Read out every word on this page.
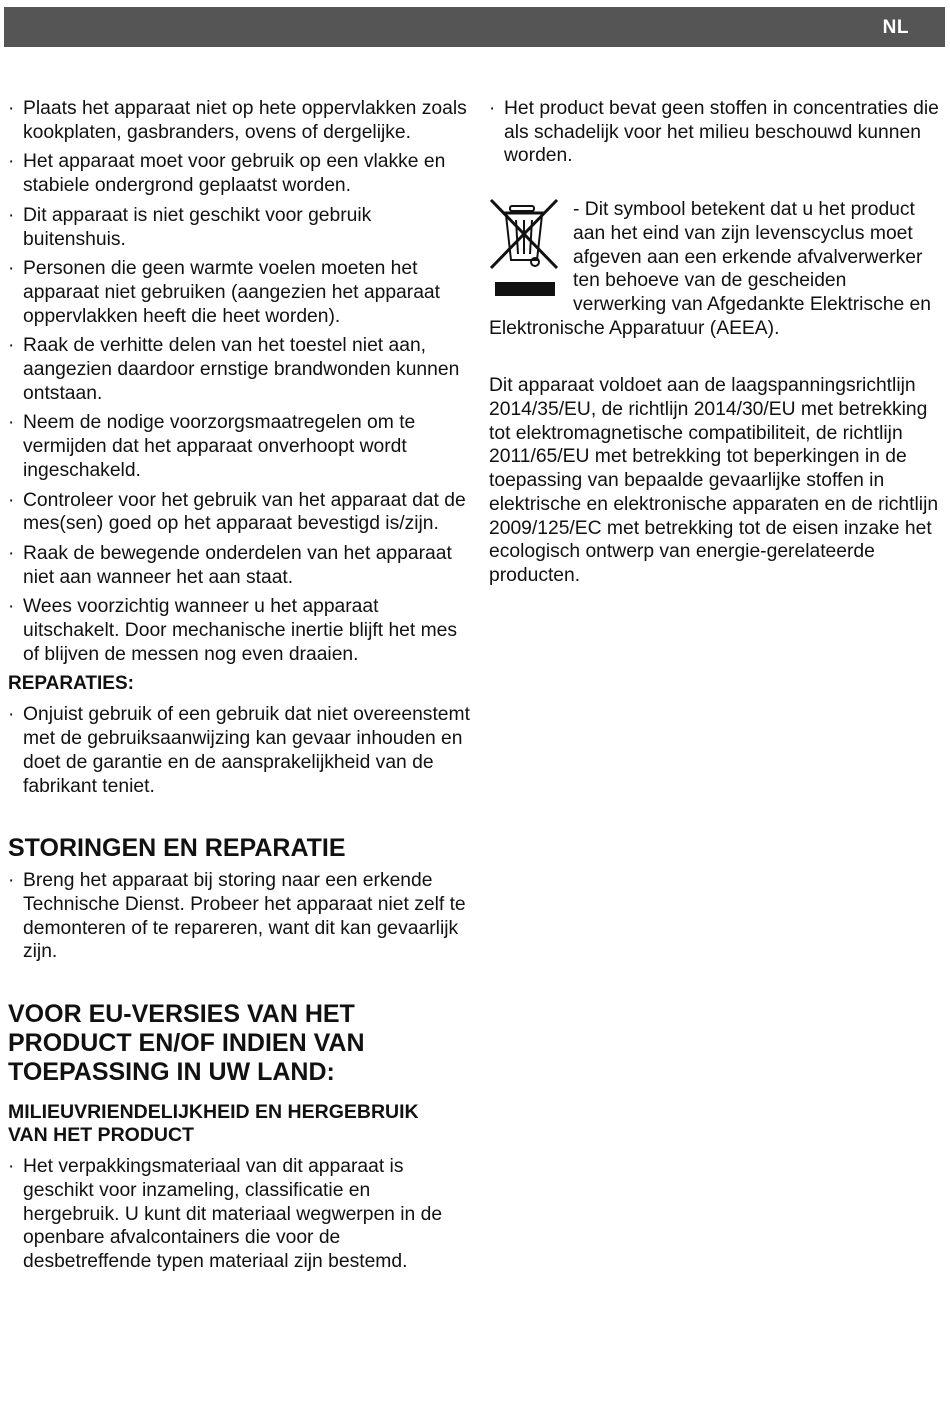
NL
· Plaats het apparaat niet op hete oppervlakken zoals kookplaten, gasbranders, ovens of dergelijke.
· Het apparaat moet voor gebruik op een vlakke en stabiele ondergrond geplaatst worden.
· Dit apparaat is niet geschikt voor gebruik buitenshuis.
· Personen die geen warmte voelen moeten het apparaat niet gebruiken (aangezien het apparaat oppervlakken heeft die heet worden).
· Raak de verhitte delen van het toestel niet aan, aangezien daardoor ernstige brandwonden kunnen ontstaan.
· Neem de nodige voorzorgsmaatregelen om te vermijden dat het apparaat onverhoopt wordt ingeschakeld.
· Controleer voor het gebruik van het apparaat dat de mes(sen) goed op het apparaat bevestigd is/zijn.
· Raak de bewegende onderdelen van het apparaat niet aan wanneer het aan staat.
· Wees voorzichtig wanneer u het apparaat uitschakelt. Door mechanische inertie blijft het mes of blijven de messen nog even draaien.
REPARATIES:
· Onjuist gebruik of een gebruik dat niet overeenstemt met de gebruiksaanwijzing kan gevaar inhouden en doet de garantie en de aansprakelijkheid van de fabrikant teniet.
STORINGEN EN REPARATIE
· Breng het apparaat bij storing naar een erkende Technische Dienst. Probeer het apparaat niet zelf te demonteren of te repareren, want dit kan gevaarlijk zijn.
VOOR EU-VERSIES VAN HET PRODUCT EN/OF INDIEN VAN TOEPASSING IN UW LAND:
MILIEUVRIENDELIJKHEID EN HERGEBRUIK VAN HET PRODUCT
· Het verpakkingsmateriaal van dit apparaat is geschikt voor inzameling, classificatie en hergebruik. U kunt dit materiaal wegwerpen in de openbare afvalcontainers die voor de desbetreffende typen materiaal zijn bestemd.
· Het product bevat geen stoffen in concentraties die als schadelijk voor het milieu beschouwd kunnen worden.
- Dit symbool betekent dat u het product aan het eind van zijn levenscyclus moet afgeven aan een erkende afvalverwerker ten behoeve van de gescheiden verwerking van Afgedankte Elektrische en Elektronische Apparatuur (AEEA).

Dit apparaat voldoet aan de laagspanningsrichtlijn 2014/35/EU, de richtlijn 2014/30/EU met betrekking tot elektromagnetische compatibiliteit, de richtlijn 2011/65/EU met betrekking tot beperkingen in de toepassing van bepaalde gevaarlijke stoffen in elektrische en elektronische apparaten en de richtlijn 2009/125/EC met betrekking tot de eisen inzake het ecologisch ontwerp van energie-gerelateerde producten.
